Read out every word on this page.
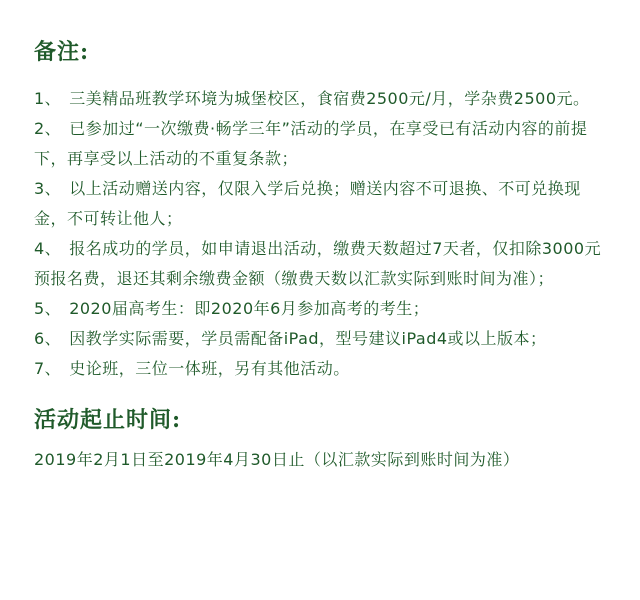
备注:
1、 三美精品班教学环境为城堡校区，食宿费2500元/月，学杂费2500元。
2、 已参加过“一次缴费·畅学三年”活动的学员，在享受已有活动内容的前提下，再享受以上活动的不重复条款；
3、 以上活动赠送内容，仅限入学后兑换；赠送内容不可退换、不可兑换现金，不可转让他人；
4、 报名成功的学员，如申请退出活动，缴费天数超过7天者，仅扣除3000元预报名费，退还其剩余缴费金额（缴费天数以汇款实际到账时间为准）；
5、 2020届高考生：即2020年6月参加高考的考生；
6、 因教学实际需要，学员需配备iPad，型号建议iPad4或以上版本；
7、 史论班，三位一体班，另有其他活动。
活动起止时间:

2019年2月1日至2019年4月30日止（以汇款实际到账时间为准）
